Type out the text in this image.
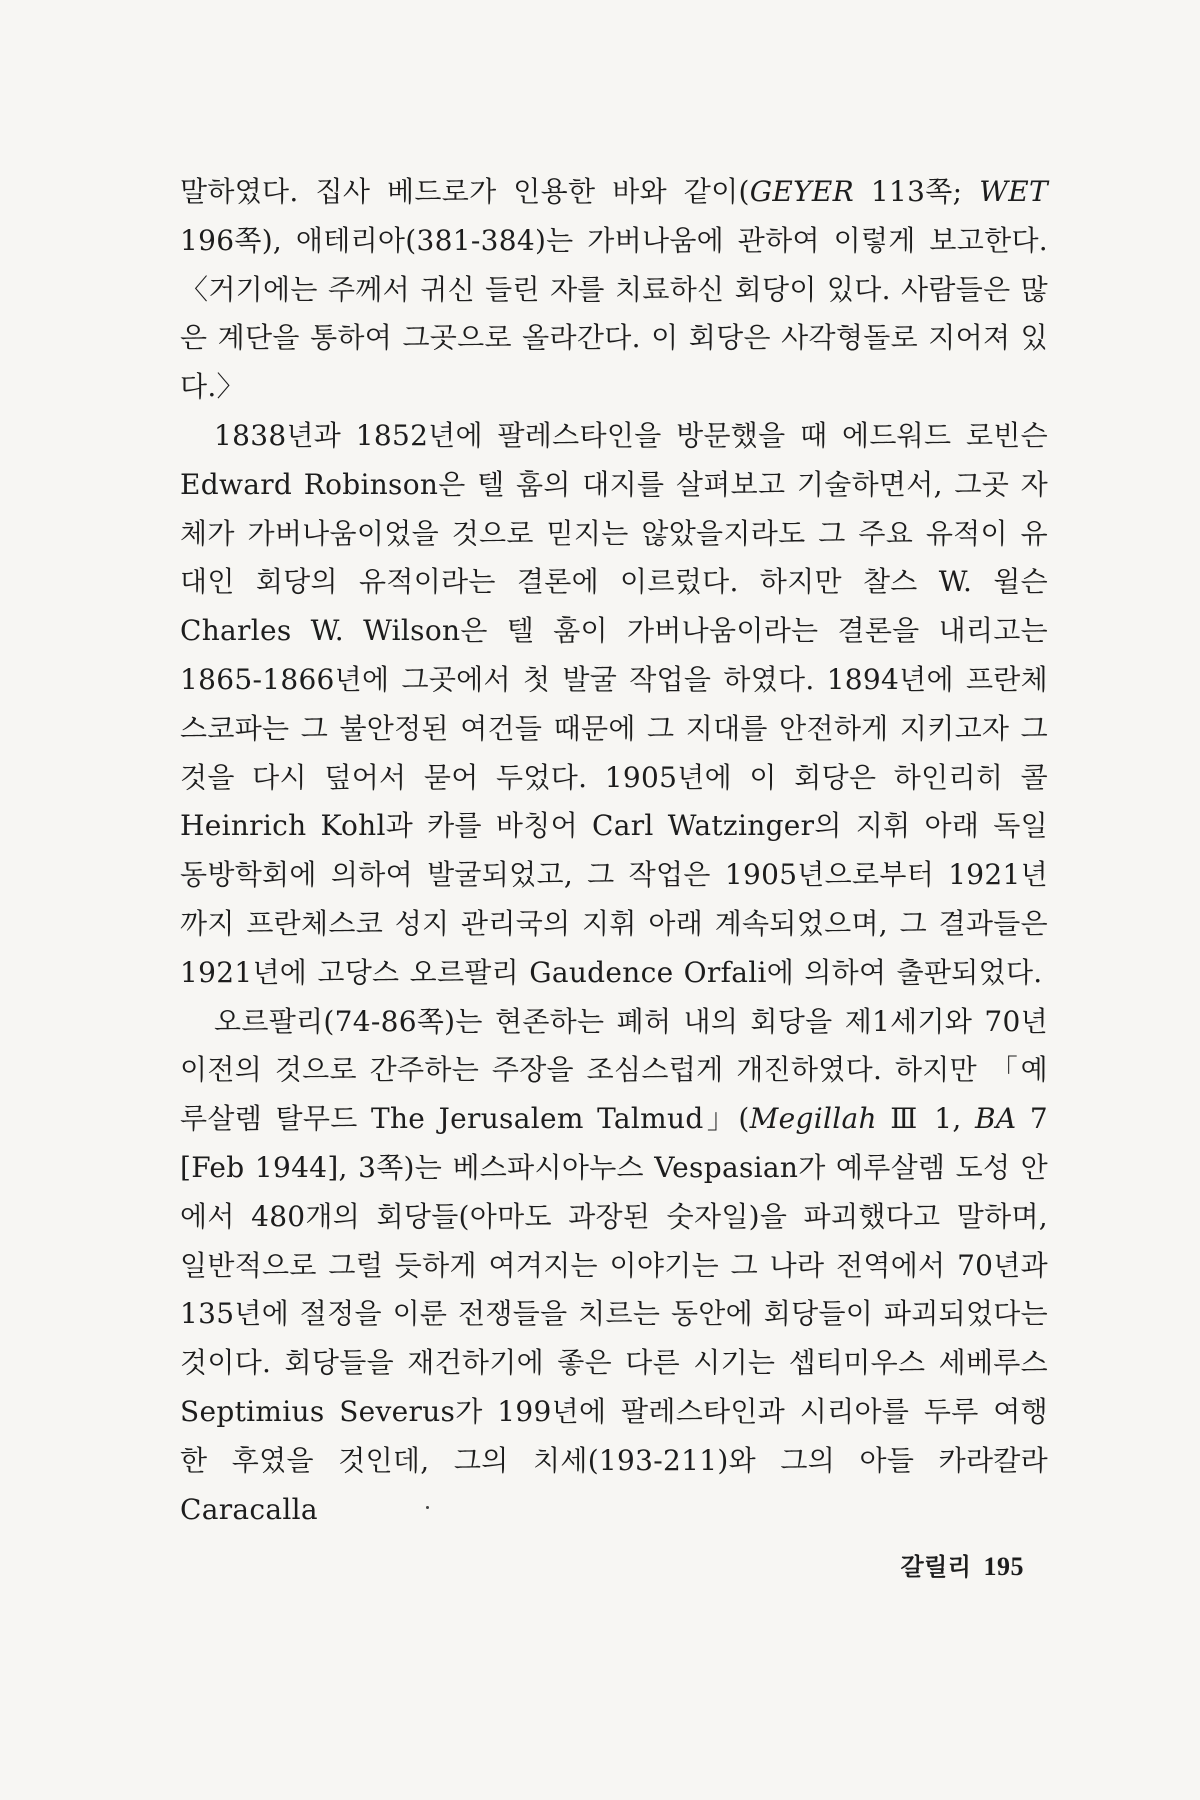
말하였다. 집사 베드로가 인용한 바와 같이(GEYER 113쪽; WET 196쪽), 애테리아(381-384)는 가버나움에 관하여 이렇게 보고한다. 〈거기에는 주께서 귀신 들린 자를 치료하신 회당이 있다. 사람들은 많은 계단을 통하여 그곳으로 올라간다. 이 회당은 사각형돌로 지어져 있다.〉

1838년과 1852년에 팔레스타인을 방문했을 때 에드워드 로빈슨 Edward Robinson은 텔 훔의 대지를 살펴보고 기술하면서, 그곳 자체가 가버나움이었을 것으로 믿지는 않았을지라도 그 주요 유적이 유대인 회당의 유적이라는 결론에 이르렀다. 하지만 찰스 W. 윌슨 Charles W. Wilson은 텔 훔이 가버나움이라는 결론을 내리고는 1865-1866년에 그곳에서 첫 발굴 작업을 하였다. 1894년에 프란체스코파는 그 불안정된 여건들 때문에 그 지대를 안전하게 지키고자 그것을 다시 덮어서 묻어 두었다. 1905년에 이 회당은 하인리히 콜 Heinrich Kohl과 카를 바칭어 Carl Watzinger의 지휘 아래 독일 동방학회에 의하여 발굴되었고, 그 작업은 1905년으로부터 1921년까지 프란체스코 성지 관리국의 지휘 아래 계속되었으며, 그 결과들은 1921년에 고당스 오르팔리 Gaudence Orfali에 의하여 출판되었다.

오르팔리(74-86쪽)는 현존하는 폐허 내의 회당을 제1세기와 70년 이전의 것으로 간주하는 주장을 조심스럽게 개진하였다. 하지만 「예루살렘 탈무드 The Jerusalem Talmud」(Megillah Ⅲ 1, BA 7 [Feb 1944], 3쪽)는 베스파시아누스 Vespasian가 예루살렘 도성 안에서 480개의 회당들(아마도 과장된 숫자일)을 파괴했다고 말하며, 일반적으로 그럴 듯하게 여겨지는 이야기는 그 나라 전역에서 70년과 135년에 절정을 이룬 전쟁들을 치르는 동안에 회당들이 파괴되었다는 것이다. 회당들을 재건하기에 좋은 다른 시기는 셉티미우스 세베루스 Septimius Severus가 199년에 팔레스타인과 시리아를 두루 여행한 후였을 것인데, 그의 치세(193-211)와 그의 아들 카라칼라 Caracalla

갈릴리 195
